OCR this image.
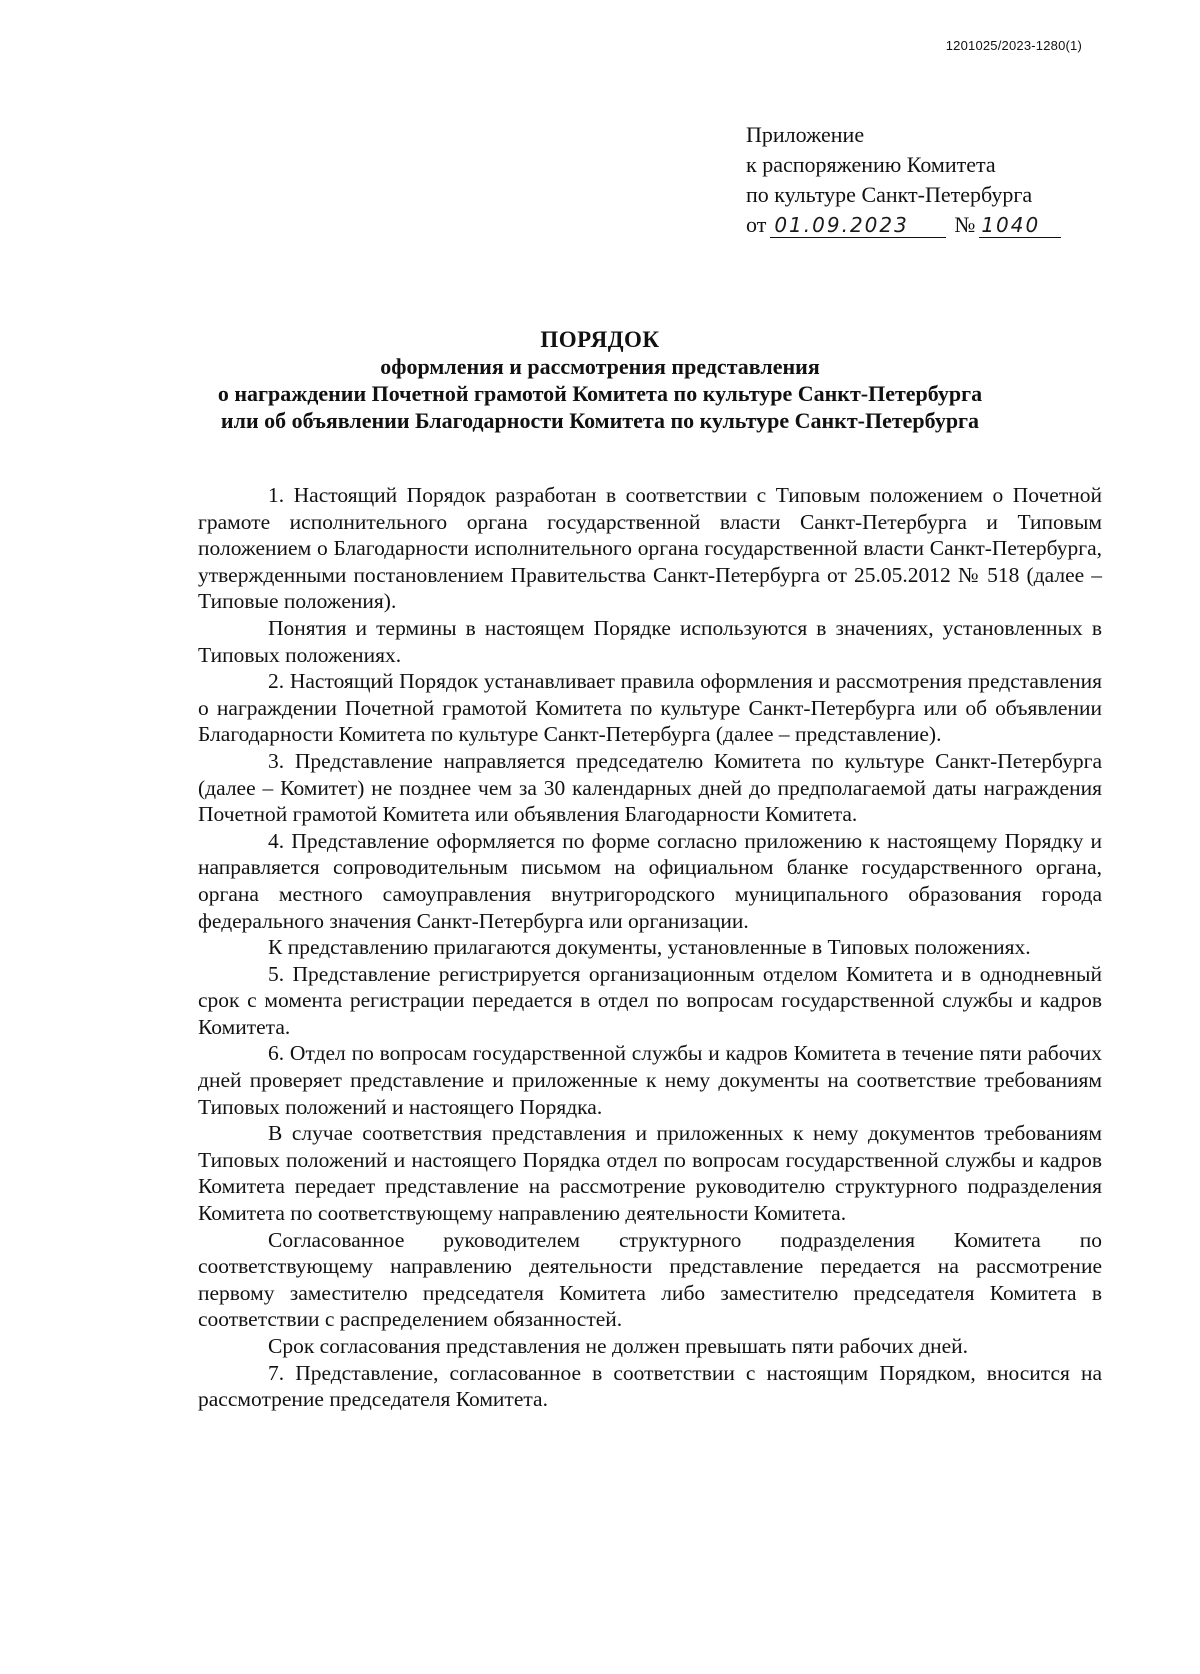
1201025/2023-1280(1)
Приложение
к распоряжению Комитета
по культуре Санкт-Петербурга
от 01.09.2023 № 1040
ПОРЯДОК
оформления и рассмотрения представления
о награждении Почетной грамотой Комитета по культуре Санкт-Петербурга
или об объявлении Благодарности Комитета по культуре Санкт-Петербурга

1. Настоящий Порядок разработан в соответствии с Типовым положением о Почетной грамоте исполнительного органа государственной власти Санкт-Петербурга и Типовым положением о Благодарности исполнительного органа государственной власти Санкт-Петербурга, утвержденными постановлением Правительства Санкт-Петербурга от 25.05.2012 № 518 (далее – Типовые положения).

Понятия и термины в настоящем Порядке используются в значениях, установленных в Типовых положениях.

2. Настоящий Порядок устанавливает правила оформления и рассмотрения представления о награждении Почетной грамотой Комитета по культуре Санкт-Петербурга или об объявлении Благодарности Комитета по культуре Санкт-Петербурга (далее – представление).

3. Представление направляется председателю Комитета по культуре Санкт-Петербурга (далее – Комитет) не позднее чем за 30 календарных дней до предполагаемой даты награждения Почетной грамотой Комитета или объявления Благодарности Комитета.

4. Представление оформляется по форме согласно приложению к настоящему Порядку и направляется сопроводительным письмом на официальном бланке государственного органа, органа местного самоуправления внутригородского муниципального образования города федерального значения Санкт-Петербурга или организации.

К представлению прилагаются документы, установленные в Типовых положениях.

5. Представление регистрируется организационным отделом Комитета и в однодневный срок с момента регистрации передается в отдел по вопросам государственной службы и кадров Комитета.

6. Отдел по вопросам государственной службы и кадров Комитета в течение пяти рабочих дней проверяет представление и приложенные к нему документы на соответствие требованиям Типовых положений и настоящего Порядка.

В случае соответствия представления и приложенных к нему документов требованиям Типовых положений и настоящего Порядка отдел по вопросам государственной службы и кадров Комитета передает представление на рассмотрение руководителю структурного подразделения Комитета по соответствующему направлению деятельности Комитета.

Согласованное руководителем структурного подразделения Комитета по соответствующему направлению деятельности представление передается на рассмотрение первому заместителю председателя Комитета либо заместителю председателя Комитета в соответствии с распределением обязанностей.

Срок согласования представления не должен превышать пяти рабочих дней.

7. Представление, согласованное в соответствии с настоящим Порядком, вносится на рассмотрение председателя Комитета.
